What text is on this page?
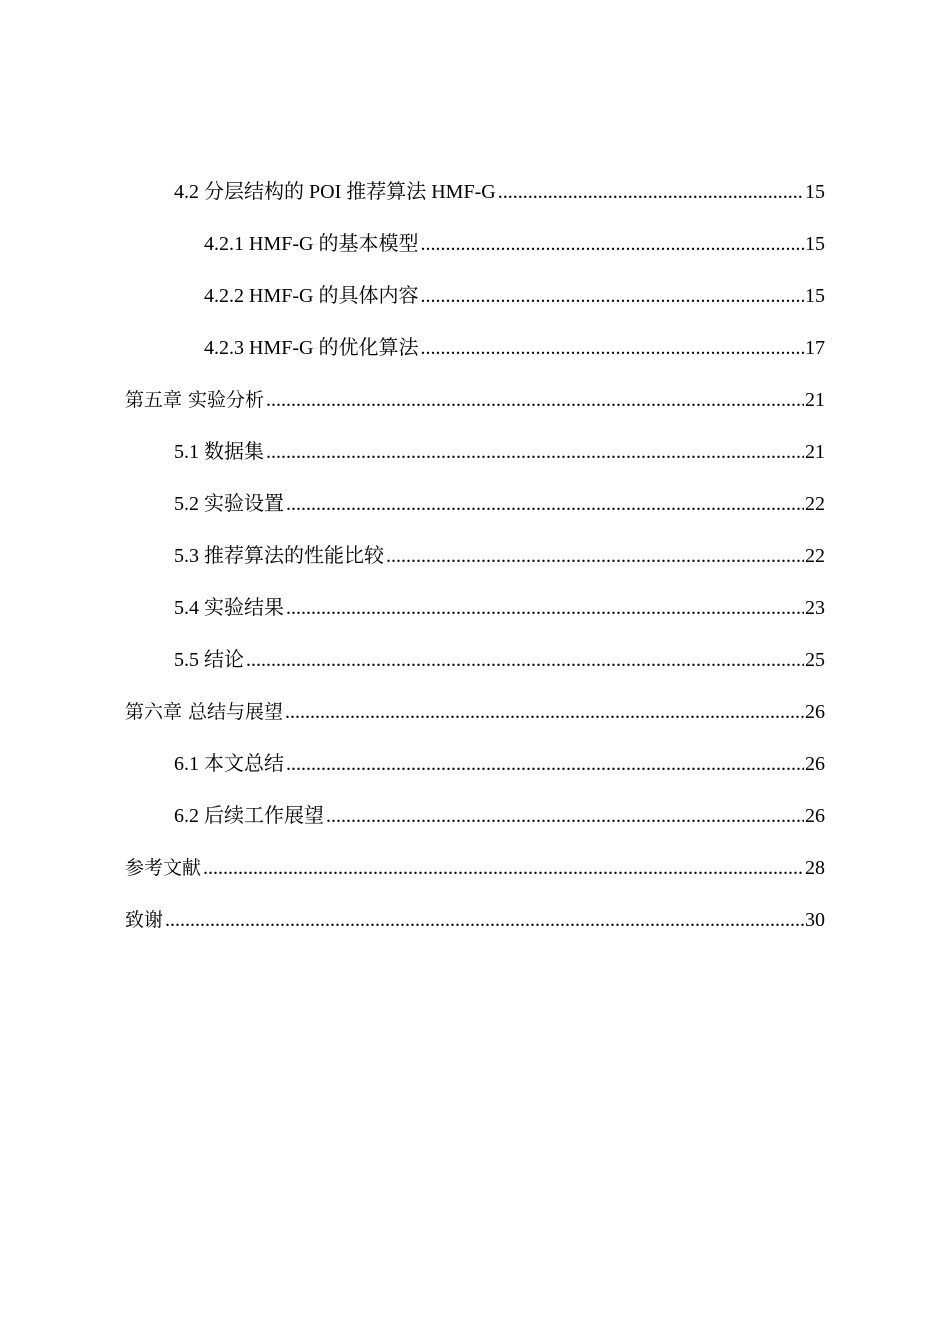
4.2 分层结构的 POI 推荐算法 HMF-G .....	15
4.2.1 HMF-G 的基本模型 .....	15
4.2.2 HMF-G 的具体内容 .....	15
4.2.3 HMF-G 的优化算法 .....	17
第五章 实验分析 .....	21
5.1 数据集 .....	21
5.2 实验设置 .....	22
5.3 推荐算法的性能比较 .....	22
5.4 实验结果 .....	23
5.5 结论 .....	25
第六章 总结与展望 .....	26
6.1 本文总结 .....	26
6.2 后续工作展望 .....	26
参考文献 .....	28
致谢 .....	30
